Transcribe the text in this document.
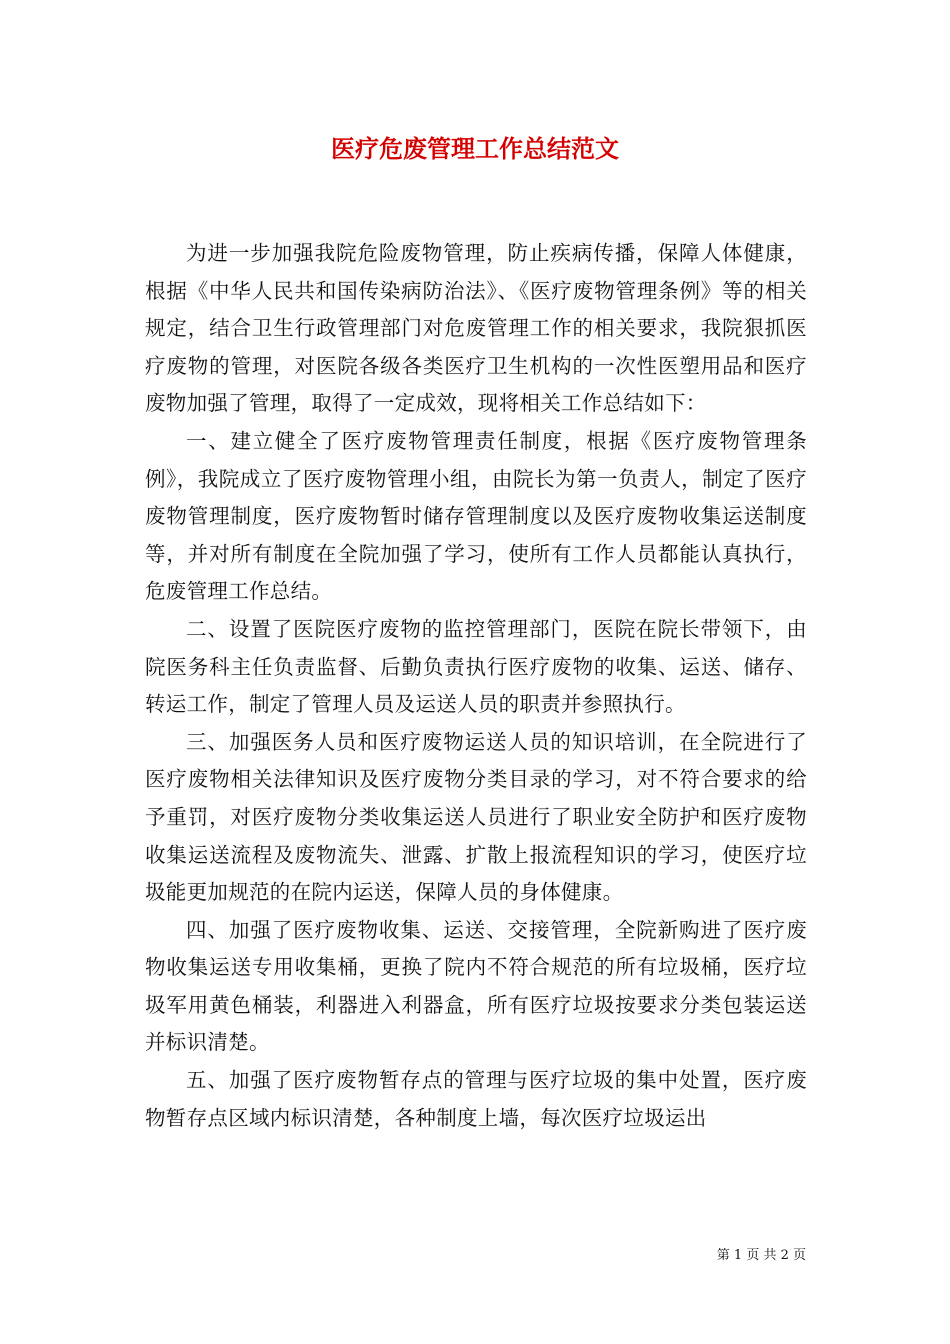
医疗危废管理工作总结范文

为进一步加强我院危险废物管理，防止疾病传播，保障人体健康，根据《中华人民共和国传染病防治法》、《医疗废物管理条例》等的相关规定，结合卫生行政管理部门对危废管理工作的相关要求，我院狠抓医疗废物的管理，对医院各级各类医疗卫生机构的一次性医塑用品和医疗废物加强了管理，取得了一定成效，现将相关工作总结如下：

一、建立健全了医疗废物管理责任制度，根据《医疗废物管理条例》，我院成立了医疗废物管理小组，由院长为第一负责人，制定了医疗废物管理制度，医疗废物暂时储存管理制度以及医疗废物收集运送制度等，并对所有制度在全院加强了学习，使所有工作人员都能认真执行，危废管理工作总结。

二、设置了医院医疗废物的监控管理部门，医院在院长带领下，由院医务科主任负责监督、后勤负责执行医疗废物的收集、运送、储存、转运工作，制定了管理人员及运送人员的职责并参照执行。

三、加强医务人员和医疗废物运送人员的知识培训，在全院进行了医疗废物相关法律知识及医疗废物分类目录的学习，对不符合要求的给予重罚，对医疗废物分类收集运送人员进行了职业安全防护和医疗废物收集运送流程及废物流失、泄露、扩散上报流程知识的学习，使医疗垃圾能更加规范的在院内运送，保障人员的身体健康。

四、加强了医疗废物收集、运送、交接管理，全院新购进了医疗废物收集运送专用收集桶，更换了院内不符合规范的所有垃圾桶，医疗垃圾军用黄色桶装，利器进入利器盒，所有医疗垃圾按要求分类包装运送并标识清楚。

五、加强了医疗废物暂存点的管理与医疗垃圾的集中处置，医疗废物暂存点区域内标识清楚，各种制度上墙，每次医疗垃圾运出

第 1 页 共 2 页
